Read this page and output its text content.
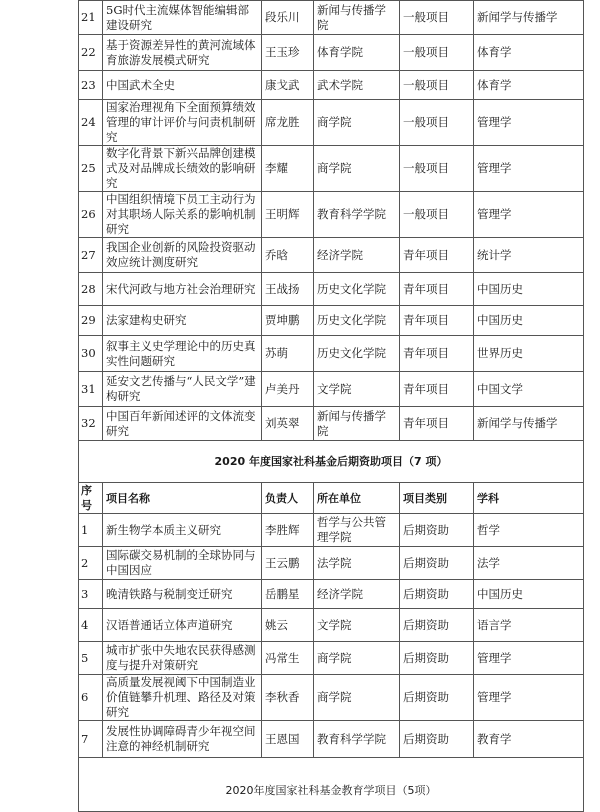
21	5G时代主流媒体智能编辑部建设研究	段乐川	新闻与传播学院	一般项目	新闻学与传播学
22	基于资源差异性的黄河流域体育旅游发展模式研究	王玉珍	体育学院	一般项目	体育学
23	中国武术全史	康戈武	武术学院	一般项目	体育学
24	国家治理视角下全面预算绩效管理的审计评价与问责机制研究	席龙胜	商学院	一般项目	管理学
25	数字化背景下新兴品牌创建模式及对品牌成长绩效的影响研究	李耀	商学院	一般项目	管理学
26	中国组织情境下员工主动行为对其职场人际关系的影响机制研究	王明辉	教育科学学院	一般项目	管理学
27	我国企业创新的风险投资驱动效应统计测度研究	乔晗	经济学院	青年项目	统计学
28	宋代河政与地方社会治理研究	王战扬	历史文化学院	青年项目	中国历史
29	法家建构史研究	贾坤鹏	历史文化学院	青年项目	中国历史
30	叙事主义史学理论中的历史真实性问题研究	苏萌	历史文化学院	青年项目	世界历史
31	延安文艺传播与“人民文学”建构研究	卢美丹	文学院	青年项目	中国文学
32	中国百年新闻述评的文体流变研究	刘英翠	新闻与传播学院	青年项目	新闻学与传播学
2020 年度国家社科基金后期资助项目（7 项）					
序号	项目名称	负责人	所在单位	项目类别	学科
1	新生物学本质主义研究	李胜辉	哲学与公共管理学院	后期资助	哲学
2	国际碳交易机制的全球协同与中国因应	王云鹏	法学院	后期资助	法学
3	晚清铁路与税制变迁研究	岳鹏星	经济学院	后期资助	中国历史
4	汉语普通话立体声道研究	姚云	文学院	后期资助	语言学
5	城市扩张中失地农民获得感测度与提升对策研究	冯常生	商学院	后期资助	管理学
6	高质量发展视阈下中国制造业价值链攀升机理、路径及对策研究	李秋香	商学院	后期资助	管理学
7	发展性协调障碍青少年视空间注意的神经机制研究	王恩国	教育科学学院	后期资助	教育学

2020年度国家社科基金教育学项目（5项）					
